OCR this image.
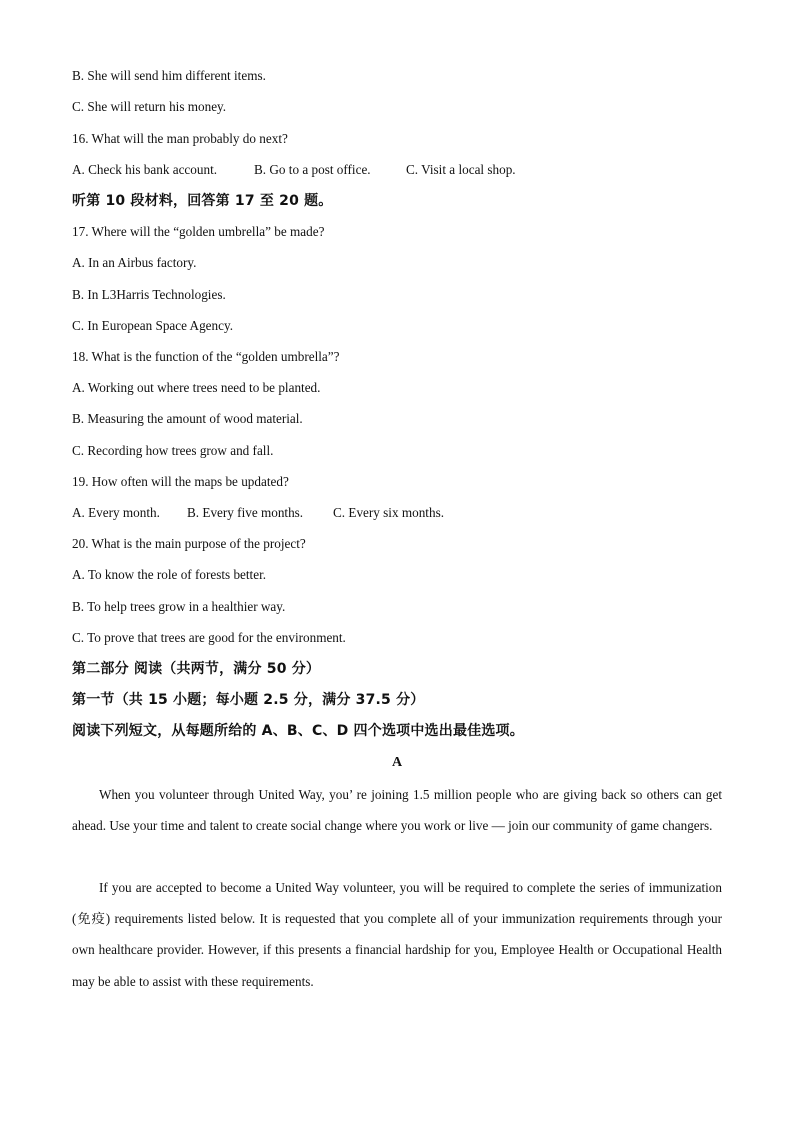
B. She will send him different items.
C. She will return his money.
16. What will the man probably do next?
A. Check his bank account.	B. Go to a post office.	C. Visit a local shop.
听第 10 段材料，回答第 17 至 20 题。
17. Where will the “golden umbrella” be made?
A. In an Airbus factory.
B. In L3Harris Technologies.
C. In European Space Agency.
18. What is the function of the “golden umbrella”?
A. Working out where trees need to be planted.
B. Measuring the amount of wood material.
C. Recording how trees grow and fall.
19. How often will the maps be updated?
A. Every month. B. Every five months. C. Every six months.
20. What is the main purpose of the project?
A. To know the role of forests better.
B. To help trees grow in a healthier way.
C. To prove that trees are good for the environment.
第二部分 阅读（共两节，满分 50 分）
第一节（共 15 小题；每小题 2.5 分，满分 37.5 分）
阅读下列短文，从每题所给的 A、B、C、D 四个选项中选出最佳选项。
A
When you volunteer through United Way, you’ re joining 1.5 million people who are giving back so others can get ahead. Use your time and talent to create social change where you work or live — join our community of game changers.
If you are accepted to become a United Way volunteer, you will be required to complete the series of immunization (免疫) requirements listed below. It is requested that you complete all of your immunization requirements through your own healthcare provider. However, if this presents a financial hardship for you, Employee Health or Occupational Health may be able to assist with these requirements.
